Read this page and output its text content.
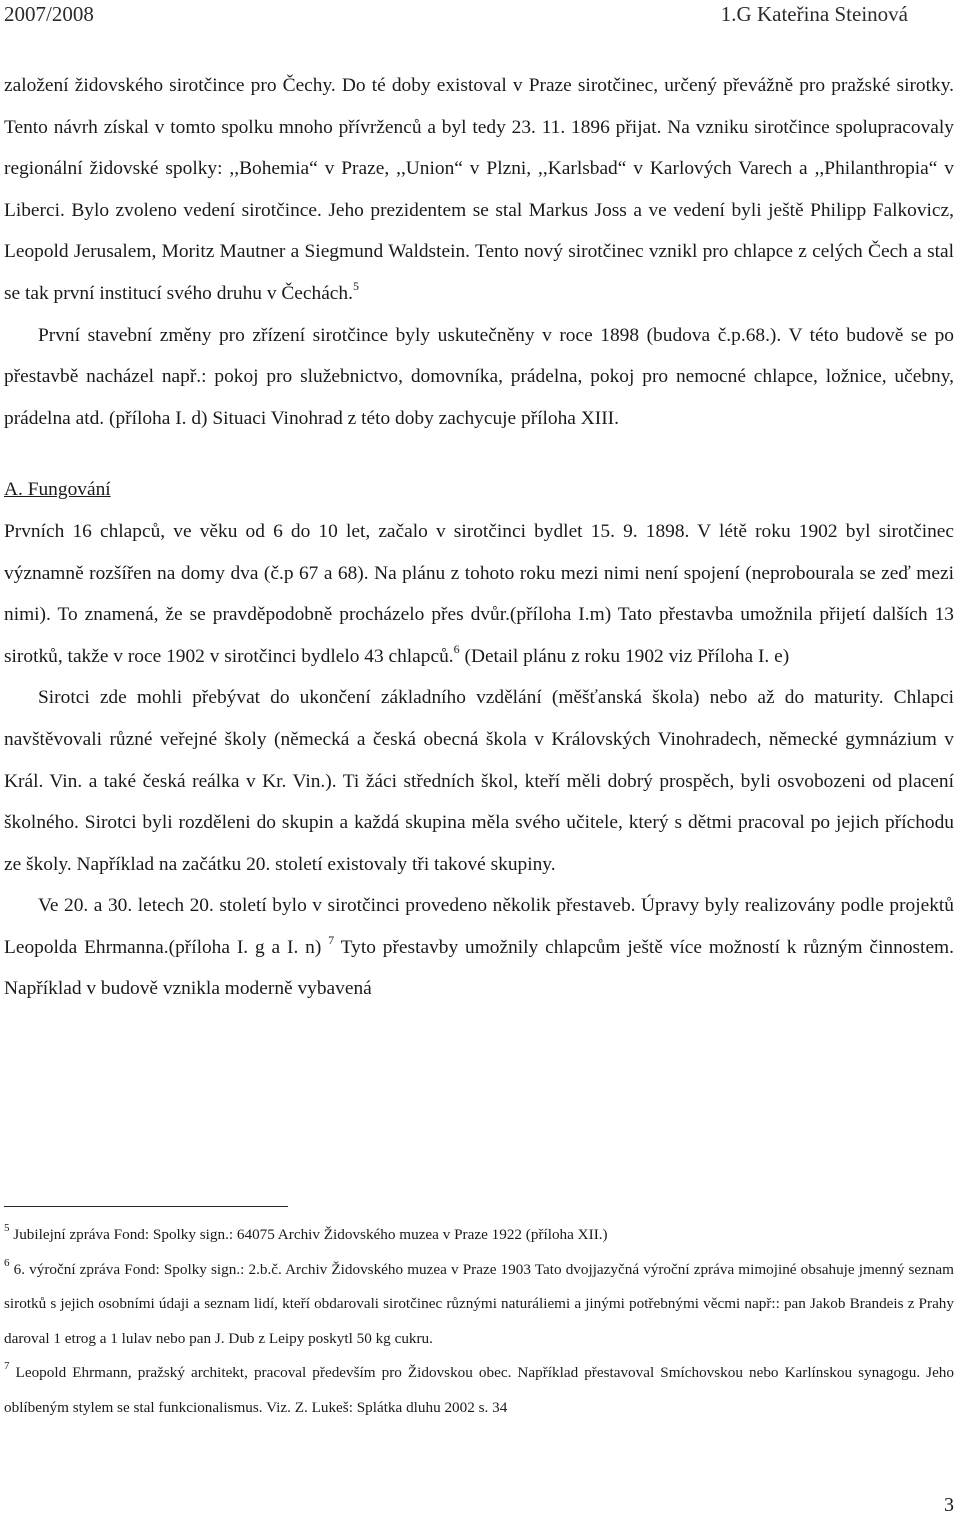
2007/2008	1.G Kateřina Steinová

založení židovského sirotčince pro Čechy. Do té doby existoval v Praze sirotčinec, určený převážně pro pražské sirotky. Tento návrh získal v tomto spolku mnoho přívrženců a byl tedy 23. 11. 1896 přijat. Na vzniku sirotčince spolupracovaly regionální židovské spolky: ,,Bohemia“ v Praze, ,,Union“ v Plzni, ,,Karlsbad“ v Karlových Varech a ,,Philanthropia“ v Liberci. Bylo zvoleno vedení sirotčince. Jeho prezidentem se stal Markus Joss a ve vedení byli ještě Philipp Falkovicz, Leopold Jerusalem, Moritz Mautner a Siegmund Waldstein. Tento nový sirotčinec vznikl pro chlapce z celých Čech a stal se tak první institucí svého druhu v Čechách.$^5$

První stavební změny pro zřízení sirotčince byly uskutečněny v roce 1898 (budova č.p.68.). V této budově se po přestavbě nacházel např.: pokoj pro služebnictvo, domovníka, prádelna, pokoj pro nemocné chlapce, ložnice, učebny, prádelna atd. (příloha I. d) Situaci Vinohrad z této doby zachycuje příloha XIII.

A. Fungování

Prvních 16 chlapců, ve věku od 6 do 10 let, začalo v sirotčinci bydlet 15. 9. 1898. V létě roku 1902 byl sirotčinec významně rozšířen na domy dva (č.p 67 a 68). Na plánu z tohoto roku mezi nimi není spojení (neprobourala se zeď mezi nimi). To znamená, že se pravděpodobně procházelo přes dvůr.(příloha I.m) Tato přestavba umožnila přijetí dalších 13 sirotků, takže v roce 1902 v sirotčinci bydlelo 43 chlapců.$^6$ (Detail plánu z roku 1902 viz Příloha I. e)

Sirotci zde mohli přebývat do ukončení základního vzdělání (měšťanská škola) nebo až do maturity. Chlapci navštěvovali různé veřejné školy (německá a česká obecná škola v Královských Vinohradech, německé gymnázium v Král. Vin. a také česká reálka v Kr. Vin.). Ti žáci středních škol, kteří měli dobrý prospěch, byli osvobozeni od placení školného. Sirotci byli rozděleni do skupin a každá skupina měla svého učitele, který s dětmi pracoval po jejich příchodu ze školy. Například na začátku 20. století existovaly tři takové skupiny.

Ve 20. a 30. letech 20. století bylo v sirotčinci provedeno několik přestaveb. Úpravy byly realizovány podle projektů Leopolda Ehrmanna.(příloha I. g a I. n) $^7$ Tyto přestavby umožnily chlapcům ještě více možností k různým činnostem. Například v budově vznikla moderně vybavená

$^5$ Jubilejní zpráva Fond: Spolky sign.: 64075 Archiv Židovského muzea v Praze 1922 (příloha XII.)

$^6$ 6. výroční zpráva Fond: Spolky sign.: 2.b.č. Archiv Židovského muzea v Praze 1903 Tato dvojjazyčná výroční zpráva mimojiné obsahuje jmenný seznam sirotků s jejich osobními údaji a seznam lidí, kteří obdarovali sirotčinec různými naturáliemi a jinými potřebnými věcmi např:: pan Jakob Brandeis z Prahy daroval 1 etrog a 1 lulav nebo pan J. Dub z Leipy poskytl 50 kg cukru.

$^7$ Leopold Ehrmann, pražský architekt, pracoval především pro Židovskou obec. Například přestavoval Smíchovskou nebo Karlínskou synagogu. Jeho oblíbeným stylem se stal funkcionalismus. Viz. Z. Lukeš: Splátka dluhu 2002 s. 34

3
